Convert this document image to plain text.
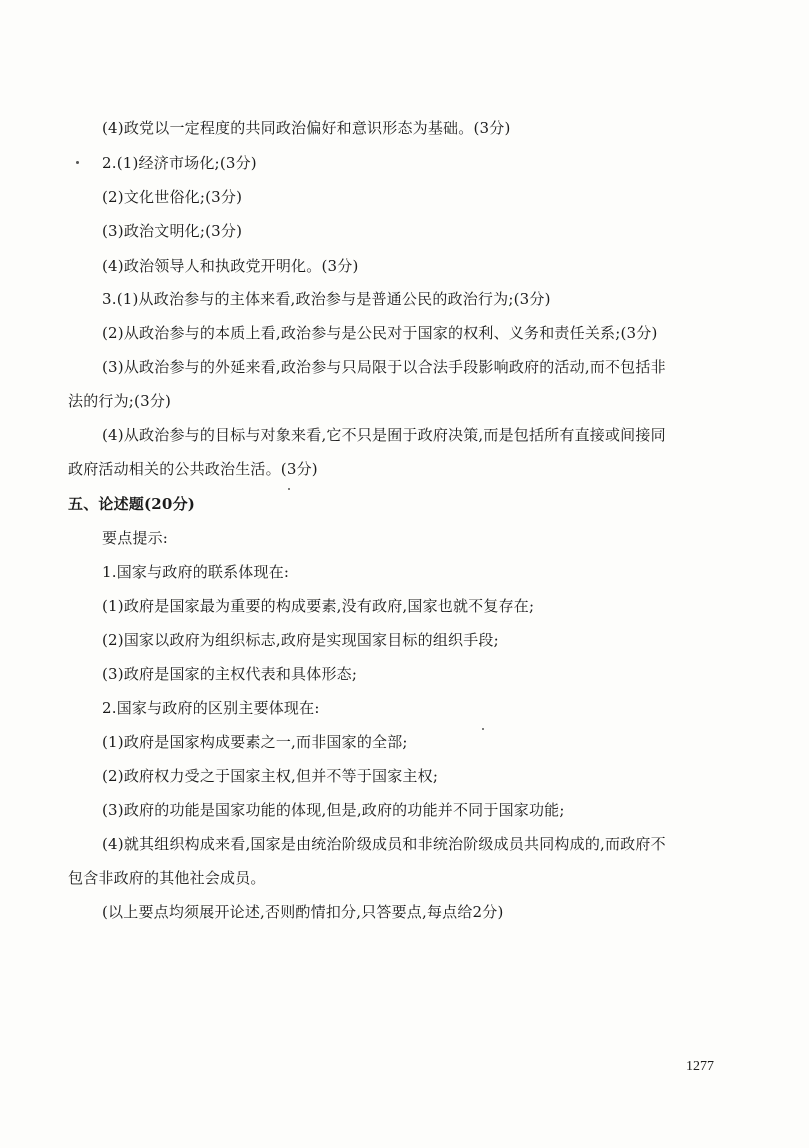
(4)政党以一定程度的共同政治偏好和意识形态为基础。(3分)
2.(1)经济市场化;(3分)
(2)文化世俗化;(3分)
(3)政治文明化;(3分)
(4)政治领导人和执政党开明化。(3分)
3.(1)从政治参与的主体来看,政治参与是普通公民的政治行为;(3分)
(2)从政治参与的本质上看,政治参与是公民对于国家的权利、义务和责任关系;(3分)
(3)从政治参与的外延来看,政治参与只局限于以合法手段影响政府的活动,而不包括非
法的行为;(3分)
(4)从政治参与的目标与对象来看,它不只是囿于政府决策,而是包括所有直接或间接同
政府活动相关的公共政治生活。(3分)
五、论述题(20分)
要点提示:
1.国家与政府的联系体现在:
(1)政府是国家最为重要的构成要素,没有政府,国家也就不复存在;
(2)国家以政府为组织标志,政府是实现国家目标的组织手段;
(3)政府是国家的主权代表和具体形态;
2.国家与政府的区别主要体现在:
(1)政府是国家构成要素之一,而非国家的全部;
(2)政府权力受之于国家主权,但并不等于国家主权;
(3)政府的功能是国家功能的体现,但是,政府的功能并不同于国家功能;
(4)就其组织构成来看,国家是由统治阶级成员和非统治阶级成员共同构成的,而政府不
包含非政府的其他社会成员。
(以上要点均须展开论述,否则酌情扣分,只答要点,每点给2分)
1277
